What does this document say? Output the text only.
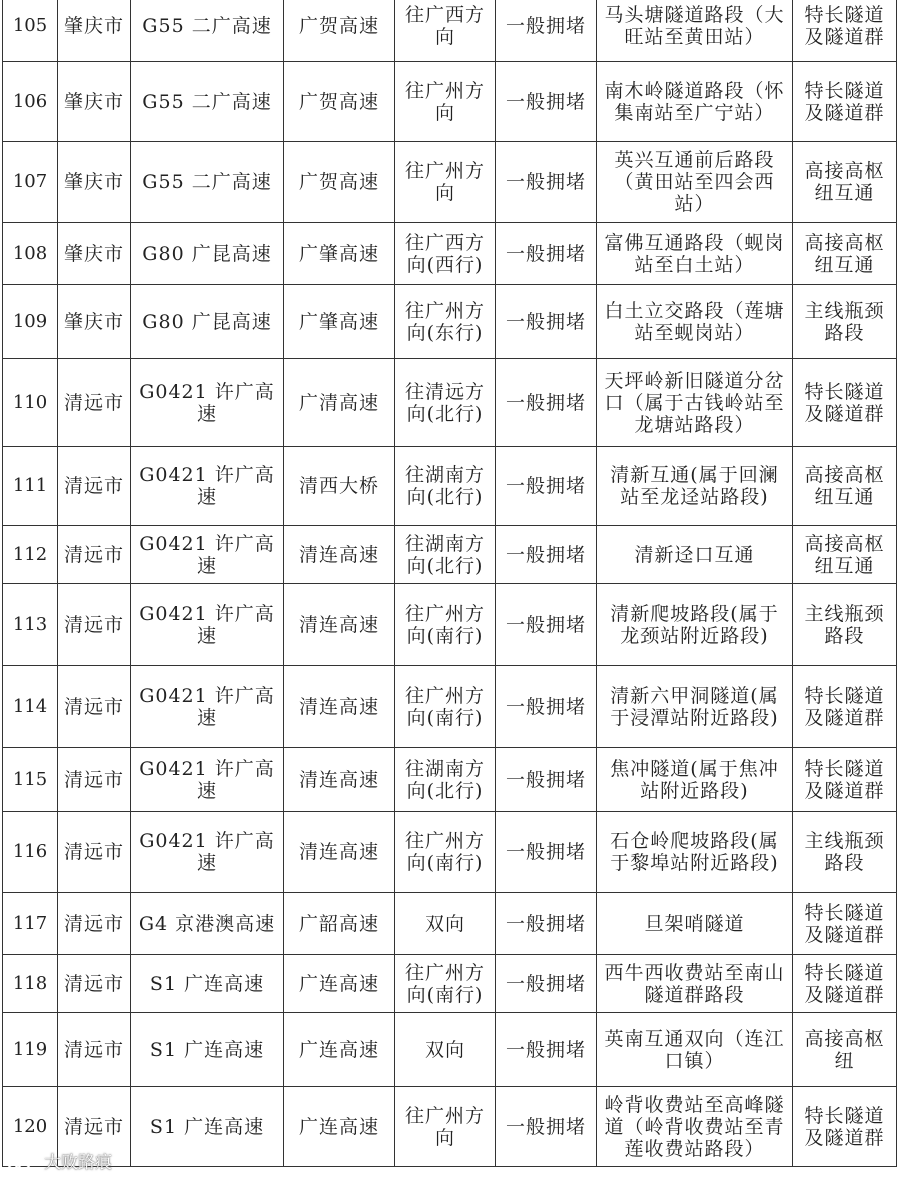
105	肇庆市	G55 二广高速	广贺高速	往广西方向	一般拥堵	马头塘隧道路段（大旺站至黄田站）	特长隧道及隧道群
106	肇庆市	G55 二广高速	广贺高速	往广州方向	一般拥堵	南木岭隧道路段（怀集南站至广宁站）	特长隧道及隧道群
107	肇庆市	G55 二广高速	广贺高速	往广州方向	一般拥堵	英兴互通前后路段（黄田站至四会西站）	高接高枢纽互通
108	肇庆市	G80 广昆高速	广肇高速	往广西方向(西行)	一般拥堵	富佛互通路段（蚬岗站至白土站）	高接高枢纽互通
109	肇庆市	G80 广昆高速	广肇高速	往广州方向(东行)	一般拥堵	白土立交路段（莲塘站至蚬岗站）	主线瓶颈路段
110	清远市	G0421 许广高速	广清高速	往清远方向(北行)	一般拥堵	天坪岭新旧隧道分岔口（属于古钱岭站至龙塘站路段）	特长隧道及隧道群
111	清远市	G0421 许广高速	清西大桥	往湖南方向(北行)	一般拥堵	清新互通(属于回澜站至龙迳站路段)	高接高枢纽互通
112	清远市	G0421 许广高速	清连高速	往湖南方向(北行)	一般拥堵	清新迳口互通	高接高枢纽互通
113	清远市	G0421 许广高速	清连高速	往广州方向(南行)	一般拥堵	清新爬坡路段(属于龙颈站附近路段)	主线瓶颈路段
114	清远市	G0421 许广高速	清连高速	往广州方向(南行)	一般拥堵	清新六甲洞隧道(属于浸潭站附近路段)	特长隧道及隧道群
115	清远市	G0421 许广高速	清连高速	往湖南方向(北行)	一般拥堵	焦冲隧道(属于焦冲站附近路段)	特长隧道及隧道群
116	清远市	G0421 许广高速	清连高速	往广州方向(南行)	一般拥堵	石仓岭爬坡路段(属于黎埠站附近路段)	主线瓶颈路段
117	清远市	G4 京港澳高速	广韶高速	双向	一般拥堵	旦架哨隧道	特长隧道及隧道群
118	清远市	S1 广连高速	广连高速	往广州方向(南行)	一般拥堵	西牛西收费站至南山隧道群路段	特长隧道及隧道群
119	清远市	S1 广连高速	广连高速	双向	一般拥堵	英南互通双向（连江口镇）	高接高枢纽
120	清远市	S1 广连高速	广连高速	往广州方向	一般拥堵	岭背收费站至高峰隧道（岭背收费站至青莲收费站路段）	特长隧道及隧道群
大败路痕
